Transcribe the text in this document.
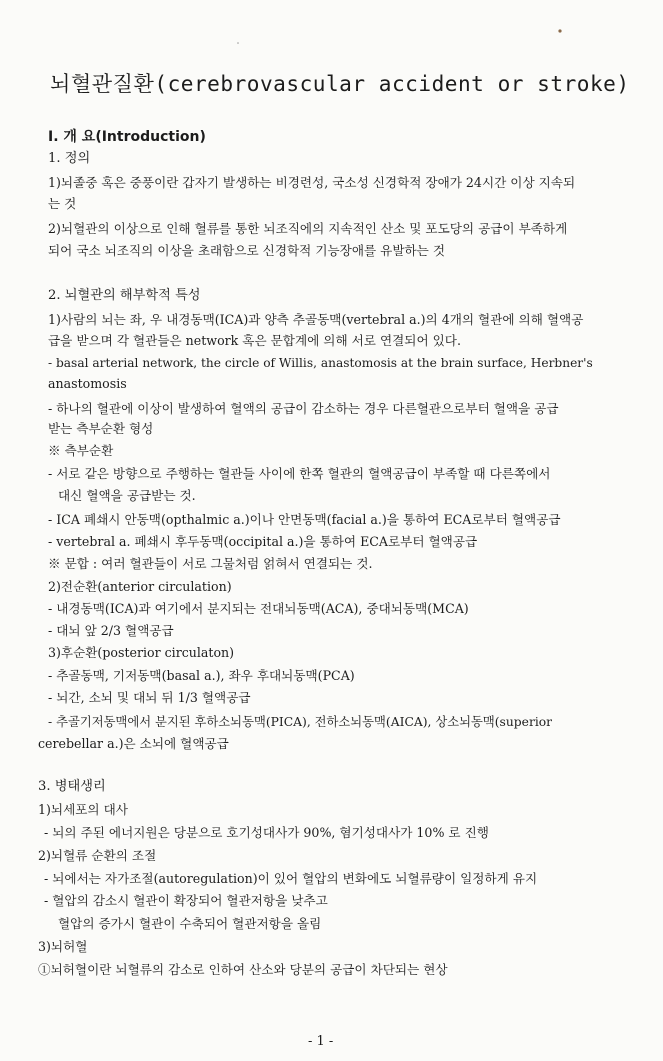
뇌혈관질환(cerebrovascular accident or stroke)
Ⅰ. 개 요(Introduction)
1. 정의
1)뇌졸중 혹은 중풍이란 갑자기 발생하는 비경련성, 국소성 신경학적 장애가 24시간 이상 지속되
는 것
2)뇌혈관의 이상으로 인해 혈류를 통한 뇌조직에의 지속적인 산소 및 포도당의 공급이 부족하게
되어 국소 뇌조직의 이상을 초래함으로 신경학적 기능장애를 유발하는 것
2. 뇌혈관의 해부학적 특성
1)사람의 뇌는 좌, 우 내경동맥(ICA)과 양측 추골동맥(vertebral a.)의 4개의 혈관에 의해 혈액공
급을 받으며 각 혈관들은 network 혹은 문합계에 의해 서로 연결되어 있다.
- basal arterial network, the circle of Willis, anastomosis at the brain surface, Herbner's
anastomosis
- 하나의 혈관에 이상이 발생하여 혈액의 공급이 감소하는 경우 다른혈관으로부터 혈액을 공급
받는 측부순환 형성
※ 측부순환
- 서로 같은 방향으로 주행하는 혈관들 사이에 한쪽 혈관의 혈액공급이 부족할 때 다른쪽에서
대신 혈액을 공급받는 것.
- ICA 폐쇄시 안동맥(opthalmic a.)이나 안면동맥(facial a.)을 통하여 ECA로부터 혈액공급
- vertebral a. 폐쇄시 후두동맥(occipital a.)을 통하여 ECA로부터 혈액공급
※ 문합 : 여러 혈관들이 서로 그물처럼 얽혀서 연결되는 것.
2)전순환(anterior circulation)
- 내경동맥(ICA)과 여기에서 분지되는 전대뇌동맥(ACA), 중대뇌동맥(MCA)
- 대뇌 앞 2/3 혈액공급
3)후순환(posterior circulaton)
- 추골동맥, 기저동맥(basal a.), 좌우 후대뇌동맥(PCA)
- 뇌간, 소뇌 및 대뇌 뒤 1/3 혈액공급
- 추골기저동맥에서 분지된 후하소뇌동맥(PICA), 전하소뇌동맥(AICA), 상소뇌동맥(superior
cerebellar a.)은 소뇌에 혈액공급
3. 병태생리
1)뇌세포의 대사
- 뇌의 주된 에너지원은 당분으로 호기성대사가 90%, 혐기성대사가 10% 로 진행
2)뇌혈류 순환의 조절
- 뇌에서는 자가조절(autoregulation)이 있어 혈압의 변화에도 뇌혈류량이 일정하게 유지
- 혈압의 감소시 혈관이 확장되어 혈관저항을 낮추고
혈압의 증가시 혈관이 수축되어 혈관저항을 올림
3)뇌허혈
①뇌허혈이란 뇌혈류의 감소로 인하여 산소와 당분의 공급이 차단되는 현상
- 1 -
